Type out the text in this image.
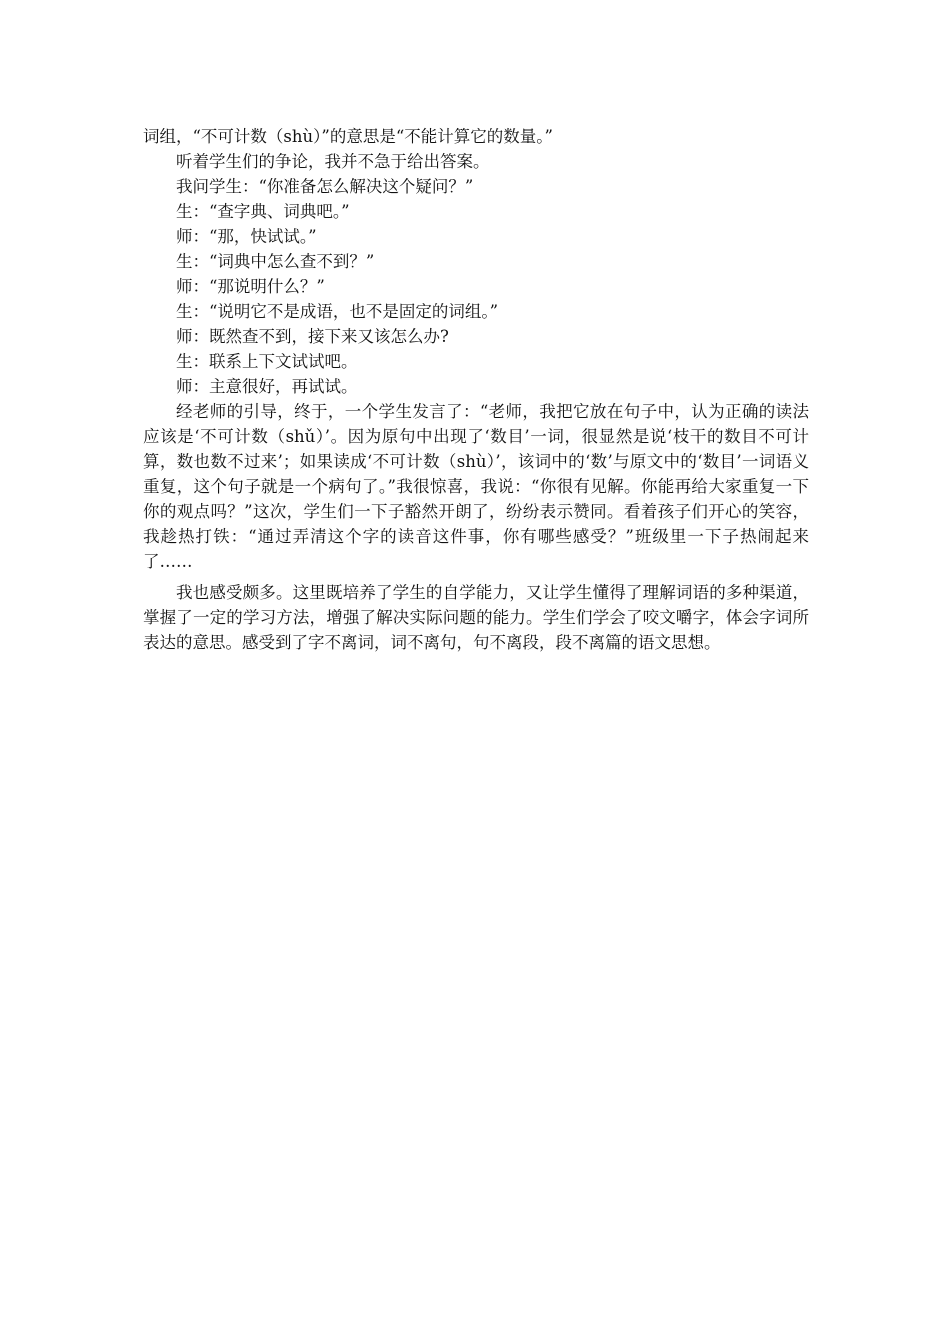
词组，“不可计数（shù）”的意思是“不能计算它的数量。”

听着学生们的争论，我并不急于给出答案。

我问学生：“你准备怎么解决这个疑问？”

生：“查字典、词典吧。”

师：“那，快试试。”

生：“词典中怎么查不到？”

师：“那说明什么？”

生：“说明它不是成语，也不是固定的词组。”

师：既然查不到，接下来又该怎么办?

生：联系上下文试试吧。

师：主意很好，再试试。

经老师的引导，终于，一个学生发言了：“老师，我把它放在句子中，认为正确的读法应该是‘不可计数（shǔ）’。因为原句中出现了‘数目’一词，很显然是说‘枝干的数目不可计算，数也数不过来’；如果读成‘不可计数（shù）’，该词中的‘数’与原文中的‘数目’一词语义重复，这个句子就是一个病句了。”我很惊喜，我说：“你很有见解。你能再给大家重复一下你的观点吗？”这次，学生们一下子豁然开朗了，纷纷表示赞同。看着孩子们开心的笑容，我趁热打铁：“通过弄清这个字的读音这件事，你有哪些感受？”班级里一下子热闹起来了……

我也感受颇多。这里既培养了学生的自学能力，又让学生懂得了理解词语的多种渠道，掌握了一定的学习方法，增强了解决实际问题的能力。学生们学会了咬文嚼字，体会字词所表达的意思。感受到了字不离词，词不离句，句不离段，段不离篇的语文思想。
